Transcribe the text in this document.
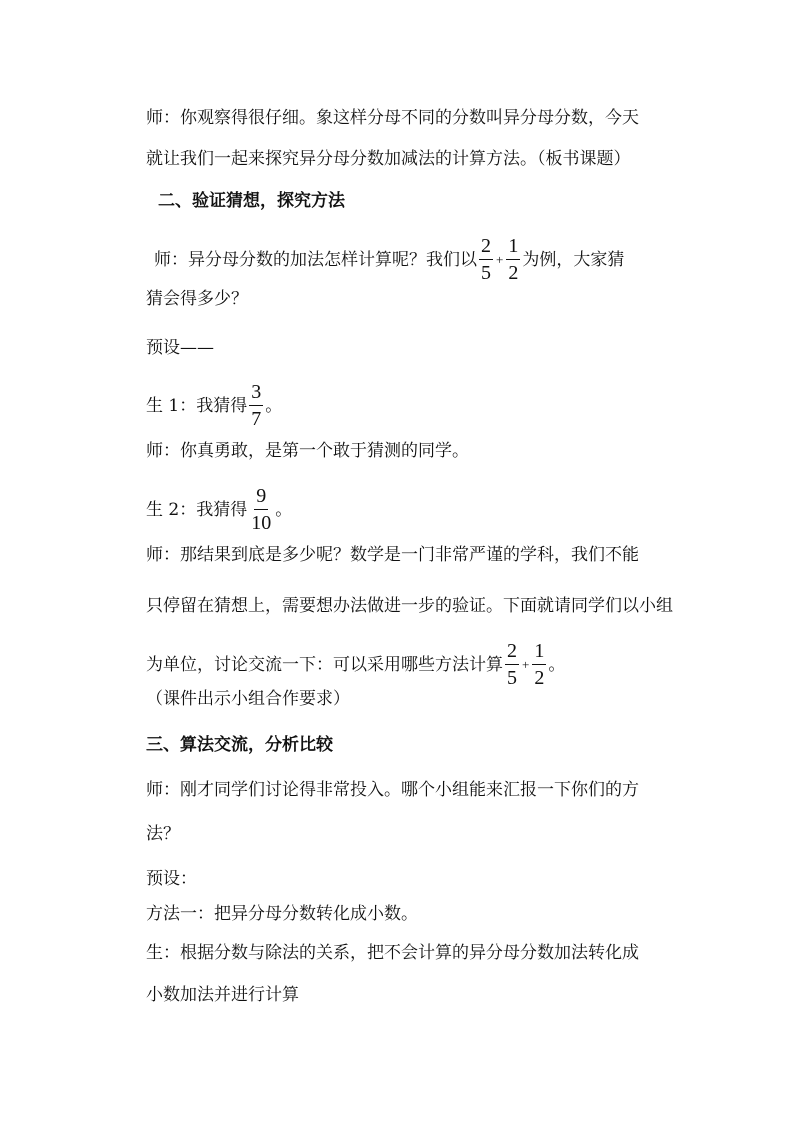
师：你观察得很仔细。象这样分母不同的分数叫异分母分数，今天
就让我们一起来探究异分母分数加减法的计算方法。（板书课题）
二、验证猜想，探究方法
师：异分母分数的加法怎样计算呢？我们以 $\frac{2}{5} + \frac{1}{2}$ 为例，大家猜
猜会得多少？
预设——
生 1：我猜得 $\frac{3}{7}$ 。
师：你真勇敢，是第一个敢于猜测的同学。
生 2：我猜得 $\frac{9}{10}$ 。
师：那结果到底是多少呢？数学是一门非常严谨的学科，我们不能
只停留在猜想上，需要想办法做进一步的验证。下面就请同学们以小组
为单位，讨论交流一下：可以采用哪些方法计算 $\frac{2}{5} + \frac{1}{2}$ 。
（课件出示小组合作要求）
三、算法交流，分析比较
师：刚才同学们讨论得非常投入。哪个小组能来汇报一下你们的方
法？
预设：
方法一：把异分母分数转化成小数。
生：根据分数与除法的关系，把不会计算的异分母分数加法转化成
小数加法并进行计算
